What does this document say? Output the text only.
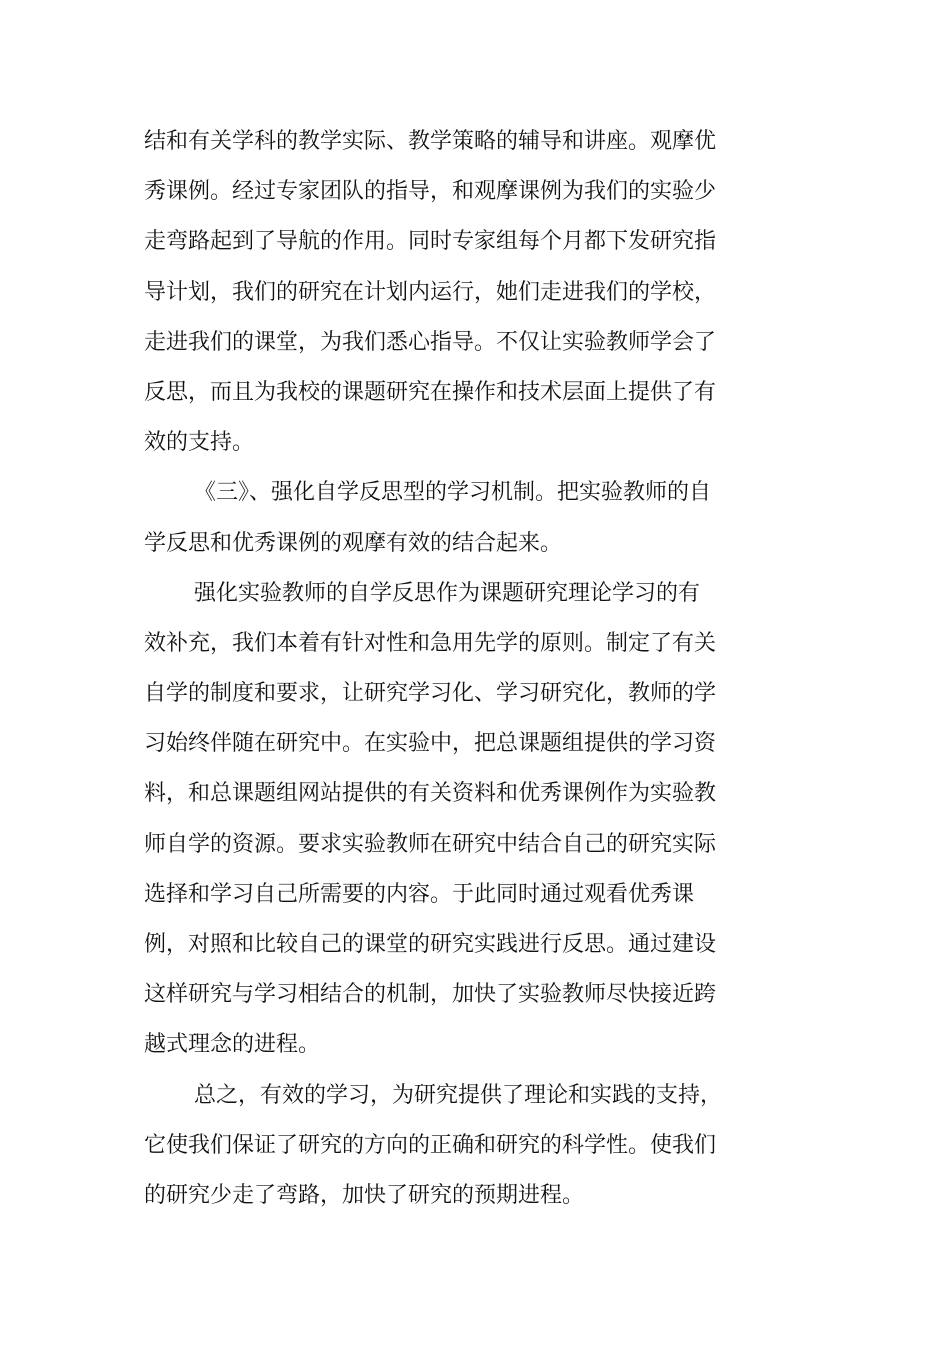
结和有关学科的教学实际、教学策略的辅导和讲座。观摩优
秀课例。经过专家团队的指导，和观摩课例为我们的实验少
走弯路起到了导航的作用。同时专家组每个月都下发研究指
导计划，我们的研究在计划内运行，她们走进我们的学校，
走进我们的课堂，为我们悉心指导。不仅让实验教师学会了
反思，而且为我校的课题研究在操作和技术层面上提供了有
效的支持。

《三》、强化自学反思型的学习机制。把实验教师的自
学反思和优秀课例的观摩有效的结合起来。

强化实验教师的自学反思作为课题研究理论学习的有
效补充，我们本着有针对性和急用先学的原则。制定了有关
自学的制度和要求，让研究学习化、学习研究化，教师的学
习始终伴随在研究中。在实验中，把总课题组提供的学习资
料，和总课题组网站提供的有关资料和优秀课例作为实验教
师自学的资源。要求实验教师在研究中结合自己的研究实际
选择和学习自己所需要的内容。于此同时通过观看优秀课
例，对照和比较自己的课堂的研究实践进行反思。通过建设
这样研究与学习相结合的机制，加快了实验教师尽快接近跨
越式理念的进程。

总之，有效的学习，为研究提供了理论和实践的支持，
它使我们保证了研究的方向的正确和研究的科学性。使我们
的研究少走了弯路，加快了研究的预期进程。
